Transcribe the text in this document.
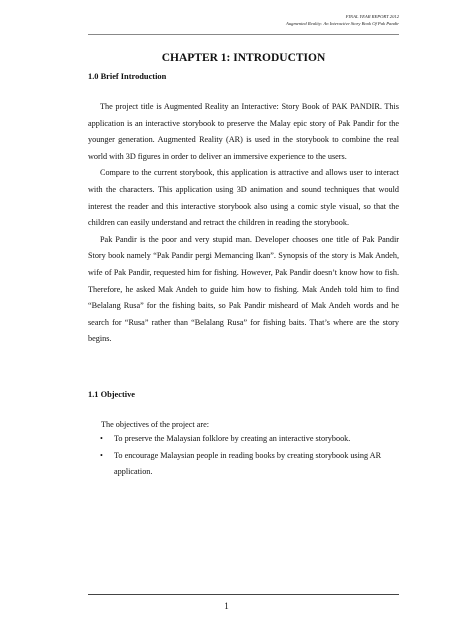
FINAL YEAR REPORT 2012
Augmented Reality: An Interactive Story Book Of Pak Pandir
CHAPTER 1: INTRODUCTION
1.0 Brief Introduction

The project title is Augmented Reality an Interactive: Story Book of PAK PANDIR. This application is an interactive storybook to preserve the Malay epic story of Pak Pandir for the younger generation. Augmented Reality (AR) is used in the storybook to combine the real world with 3D figures in order to deliver an immersive experience to the users.

Compare to the current storybook, this application is attractive and allows user to interact with the characters. This application using 3D animation and sound techniques that would interest the reader and this interactive storybook also using a comic style visual, so that the children can easily understand and retract the children in reading the storybook.

Pak Pandir is the poor and very stupid man. Developer chooses one title of Pak Pandir Story book namely “Pak Pandir pergi Memancing Ikan”. Synopsis of the story is Mak Andeh, wife of Pak Pandir, requested him for fishing. However, Pak Pandir doesn’t know how to fish. Therefore, he asked Mak Andeh to guide him how to fishing. Mak Andeh told him to find “Belalang Rusa” for the fishing baits, so Pak Pandir misheard of Mak Andeh words and he search for “Rusa” rather than “Belalang Rusa” for fishing baits. That’s where are the story begins.

1.1 Objective
The objectives of the project are:
• To preserve the Malaysian folklore by creating an interactive storybook.
• To encourage Malaysian people in reading books by creating storybook using AR application.
1
